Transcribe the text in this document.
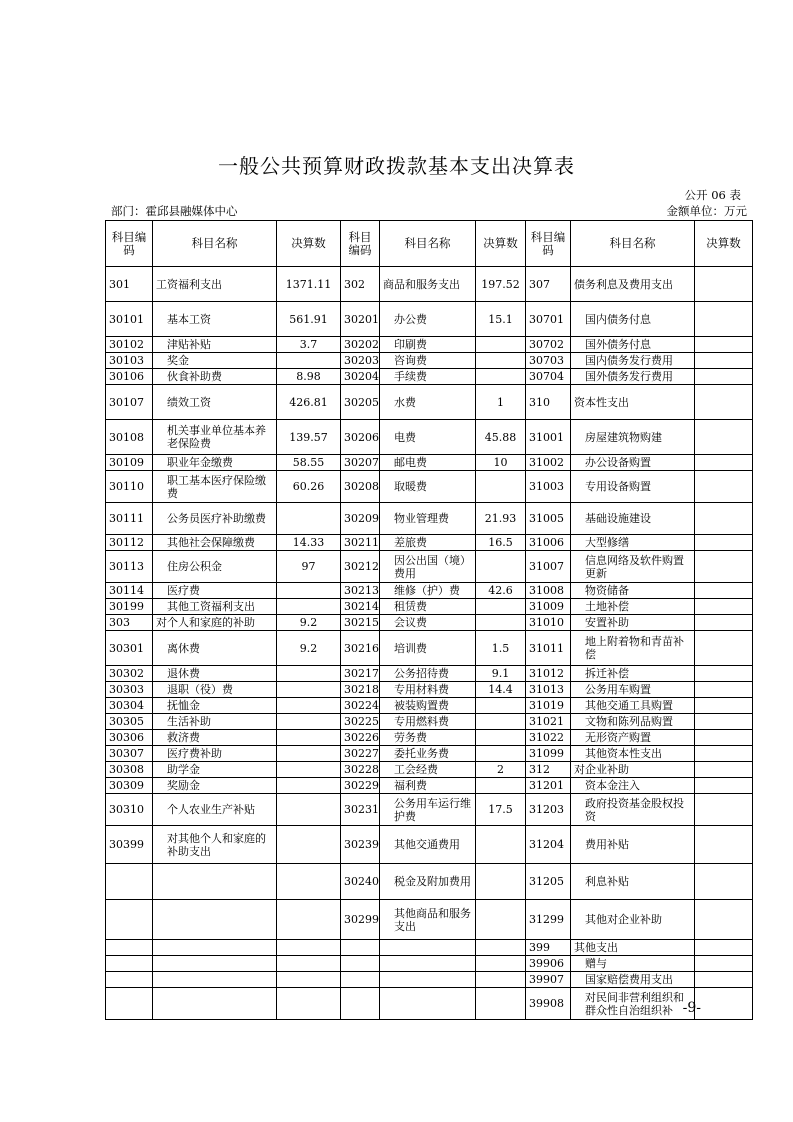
一般公共预算财政拨款基本支出决算表
公开 06 表
部门：霍邱县融媒体中心	金额单位：万元
科目编码	科目名称	决算数	科目编码	科目名称	决算数	科目编码	科目名称	决算数
301	工资福利支出	1371.11	302	商品和服务支出	197.52	307	债务利息及费用支出	
30101	基本工资	561.91	30201	办公费	15.1	30701	国内债务付息	
30102	津贴补贴	3.7	30202	印刷费		30702	国外债务付息	
30103	奖金		30203	咨询费		30703	国内债务发行费用	
30106	伙食补助费	8.98	30204	手续费		30704	国外债务发行费用	
30107	绩效工资	426.81	30205	水费	1	310	资本性支出	
30108	机关事业单位基本养老保险费	139.57	30206	电费	45.88	31001	房屋建筑物购建	
30109	职业年金缴费	58.55	30207	邮电费	10	31002	办公设备购置	
30110	职工基本医疗保险缴费	60.26	30208	取暖费		31003	专用设备购置	
30111	公务员医疗补助缴费		30209	物业管理费	21.93	31005	基础设施建设	
30112	其他社会保障缴费	14.33	30211	差旅费	16.5	31006	大型修缮	
30113	住房公积金	97	30212	因公出国（境）费用		31007	信息网络及软件购置更新	
30114	医疗费		30213	维修（护）费	42.6	31008	物资储备	
30199	其他工资福利支出		30214	租赁费		31009	土地补偿	
303	对个人和家庭的补助	9.2	30215	会议费		31010	安置补助	
30301	离休费	9.2	30216	培训费	1.5	31011	地上附着物和青苗补偿	
30302	退休费		30217	公务招待费	9.1	31012	拆迁补偿	
30303	退职（役）费		30218	专用材料费	14.4	31013	公务用车购置	
30304	抚恤金		30224	被装购置费		31019	其他交通工具购置	
30305	生活补助		30225	专用燃料费		31021	文物和陈列品购置	
30306	救济费		30226	劳务费		31022	无形资产购置	
30307	医疗费补助		30227	委托业务费		31099	其他资本性支出	
30308	助学金		30228	工会经费	2	312	对企业补助	
30309	奖励金		30229	福利费		31201	资本金注入	
30310	个人农业生产补贴		30231	公务用车运行维护费	17.5	31203	政府投资基金股权投资	
30399	对其他个人和家庭的补助支出		30239	其他交通费用		31204	费用补贴	
			30240	税金及附加费用		31205	利息补贴	
			30299	其他商品和服务支出		31299	其他对企业补助	
						399	其他支出	
						39906	赠与	
						39907	国家赔偿费用支出	
						39908	对民间非营利组织和群众性自治组织补	-9-
